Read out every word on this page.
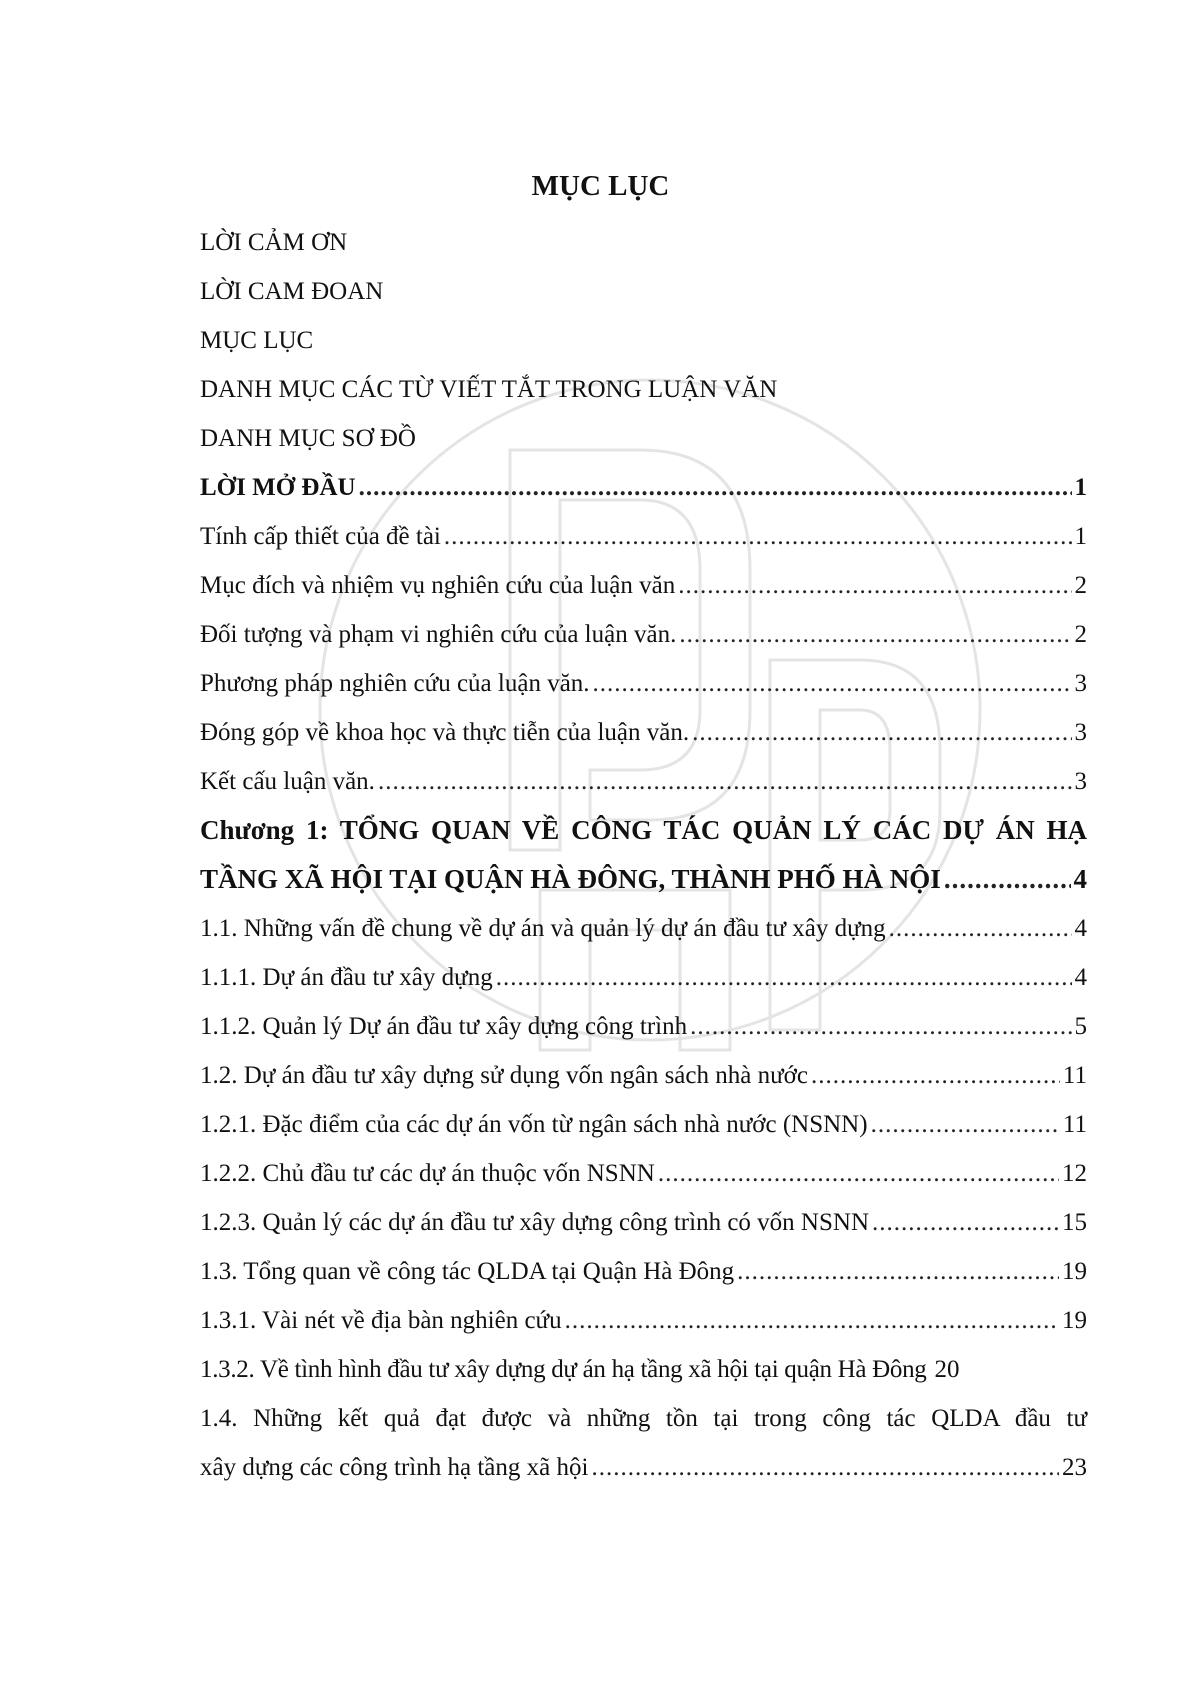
MỤC LỤC
LỜI CẢM ƠN
LỜI CAM ĐOAN
MỤC LỤC
DANH MỤC CÁC TỪ VIẾT TẮT TRONG LUẬN VĂN
DANH MỤC SƠ ĐỒ
LỜI MỞ ĐẦU .....	1
Tính cấp thiết của đề tài .....	1
Mục đích và nhiệm vụ nghiên cứu của luận văn .....	2
Đối tượng và phạm vi nghiên cứu của luận văn. .....	2
Phương pháp nghiên cứu của luận văn. .....	3
Đóng góp về khoa học và thực tiễn của luận văn. .....	3
Kết cấu luận văn. .....	3
Chương 1: TỔNG QUAN VỀ CÔNG TÁC QUẢN LÝ CÁC DỰ ÁN HẠ
TẦNG XÃ HỘI TẠI QUẬN HÀ ĐÔNG, THÀNH PHỐ HÀ NỘI .....	4
1.1. Những vấn đề chung về dự án và quản lý dự án đầu tư xây dựng .....	4
1.1.1. Dự án đầu tư xây dựng .....	4
1.1.2. Quản lý Dự án đầu tư xây dựng công trình .....	5
1.2. Dự án đầu tư xây dựng sử dụng vốn ngân sách nhà nước .....	11
1.2.1. Đặc điểm của các dự án vốn từ ngân sách nhà nước (NSNN) .....	11
1.2.2. Chủ đầu tư các dự án thuộc vốn NSNN .....	12
1.2.3. Quản lý các dự án đầu tư xây dựng công trình có vốn NSNN .....	15
1.3. Tổng quan về công tác QLDA tại Quận Hà Đông .....	19
1.3.1. Vài nét về địa bàn nghiên cứu .....	19
1.3.2. Về tình hình đầu tư xây dựng dự án hạ tầng xã hội tại quận Hà Đông 20
1.4. Những kết quả đạt được và những tồn tại trong công tác QLDA đầu tư
xây dựng các công trình hạ tầng xã hội .....	23
